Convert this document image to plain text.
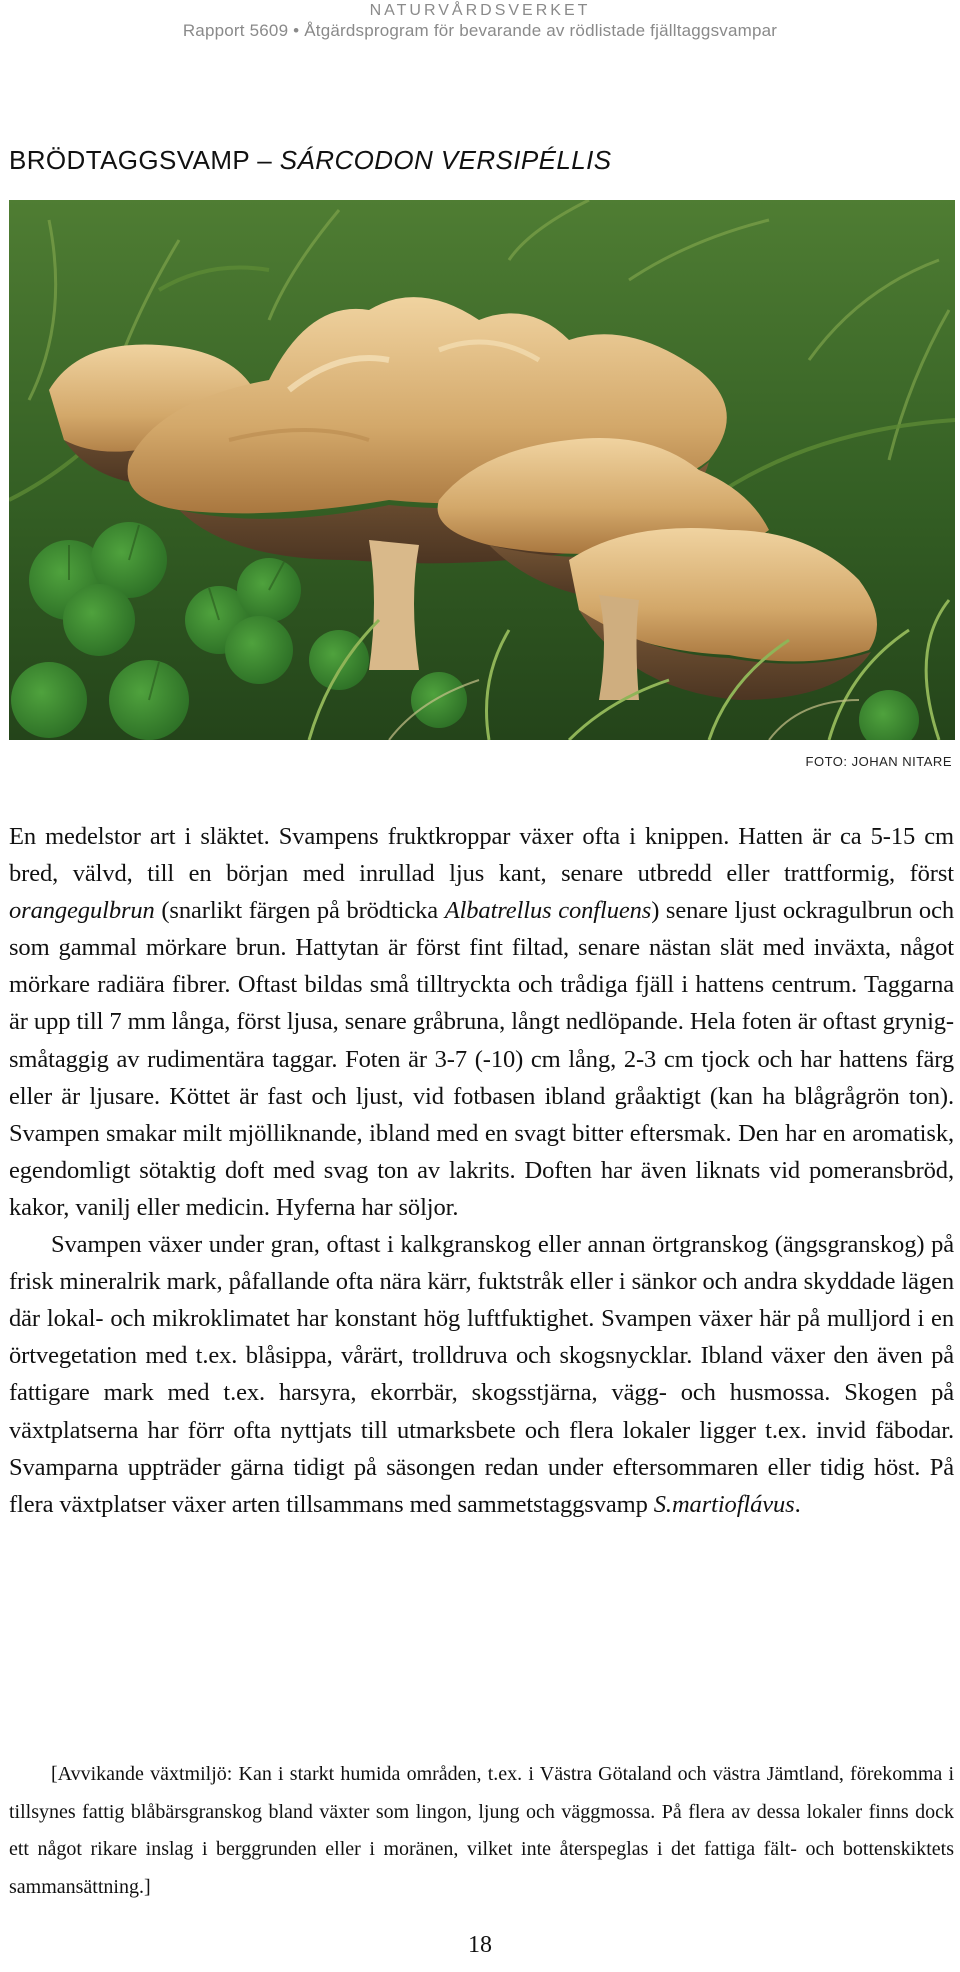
NATURVÅRDSVERKET
Rapport 5609 • Åtgärdsprogram för bevarande av rödlistade fjälltaggsvampar
BRÖDTAGGSVAMP – SÁRCODON VERSIPÉLLIS
FOTO: JOHAN NITARE

En medelstor art i släktet. Svampens fruktkroppar växer ofta i knippen. Hatten är ca 5-15 cm bred, välvd, till en början med inrullad ljus kant, senare utbredd eller trattformig, först orangegulbrun (snarlikt färgen på brödticka Albatrellus confluens) senare ljust ockragulbrun och som gammal mörkare brun. Hattytan är först fint filtad, senare nästan slät med inväxta, något mörkare radiära fibrer. Oftast bildas små tilltryckta och trådiga fjäll i hattens centrum. Taggarna är upp till 7 mm långa, först ljusa, senare gråbruna, långt nedlöpande. Hela foten är oftast grynig-småtaggig av rudimentära taggar. Foten är 3-7 (-10) cm lång, 2-3 cm tjock och har hattens färg eller är ljusare. Köttet är fast och ljust, vid fotbasen ibland gråaktigt (kan ha blågrågrön ton). Svampen smakar milt mjölliknande, ibland med en svagt bitter eftersmak. Den har en aromatisk, egendomligt sötaktig doft med svag ton av lakrits. Doften har även liknats vid pomeransbröd, kakor, vanilj eller medicin. Hyferna har söljor.

Svampen växer under gran, oftast i kalkgranskog eller annan örtgranskog (ängsgranskog) på frisk mineralrik mark, påfallande ofta nära kärr, fuktstråk eller i sänkor och andra skyddade lägen där lokal- och mikroklimatet har konstant hög luftfuktighet. Svampen växer här på mulljord i en örtvegetation med t.ex. blåsippa, vårärt, trolldruva och skogsnycklar. Ibland växer den även på fattigare mark med t.ex. harsyra, ekorrbär, skogsstjärna, vägg- och husmossa. Skogen på växtplatserna har förr ofta nyttjats till utmarksbete och flera lokaler ligger t.ex. invid fäbodar. Svamparna uppträder gärna tidigt på säsongen redan under eftersommaren eller tidig höst. På flera växtplatser växer arten tillsammans med sammetstaggsvamp S.martioflávus.

[Avvikande växtmiljö: Kan i starkt humida områden, t.ex. i Västra Götaland och västra Jämtland, förekomma i tillsynes fattig blåbärsgranskog bland växter som lingon, ljung och väggmossa. På flera av dessa lokaler finns dock ett något rikare inslag i berggrunden eller i moränen, vilket inte återspeglas i det fattiga fält- och bottenskiktets sammansättning.]

18
